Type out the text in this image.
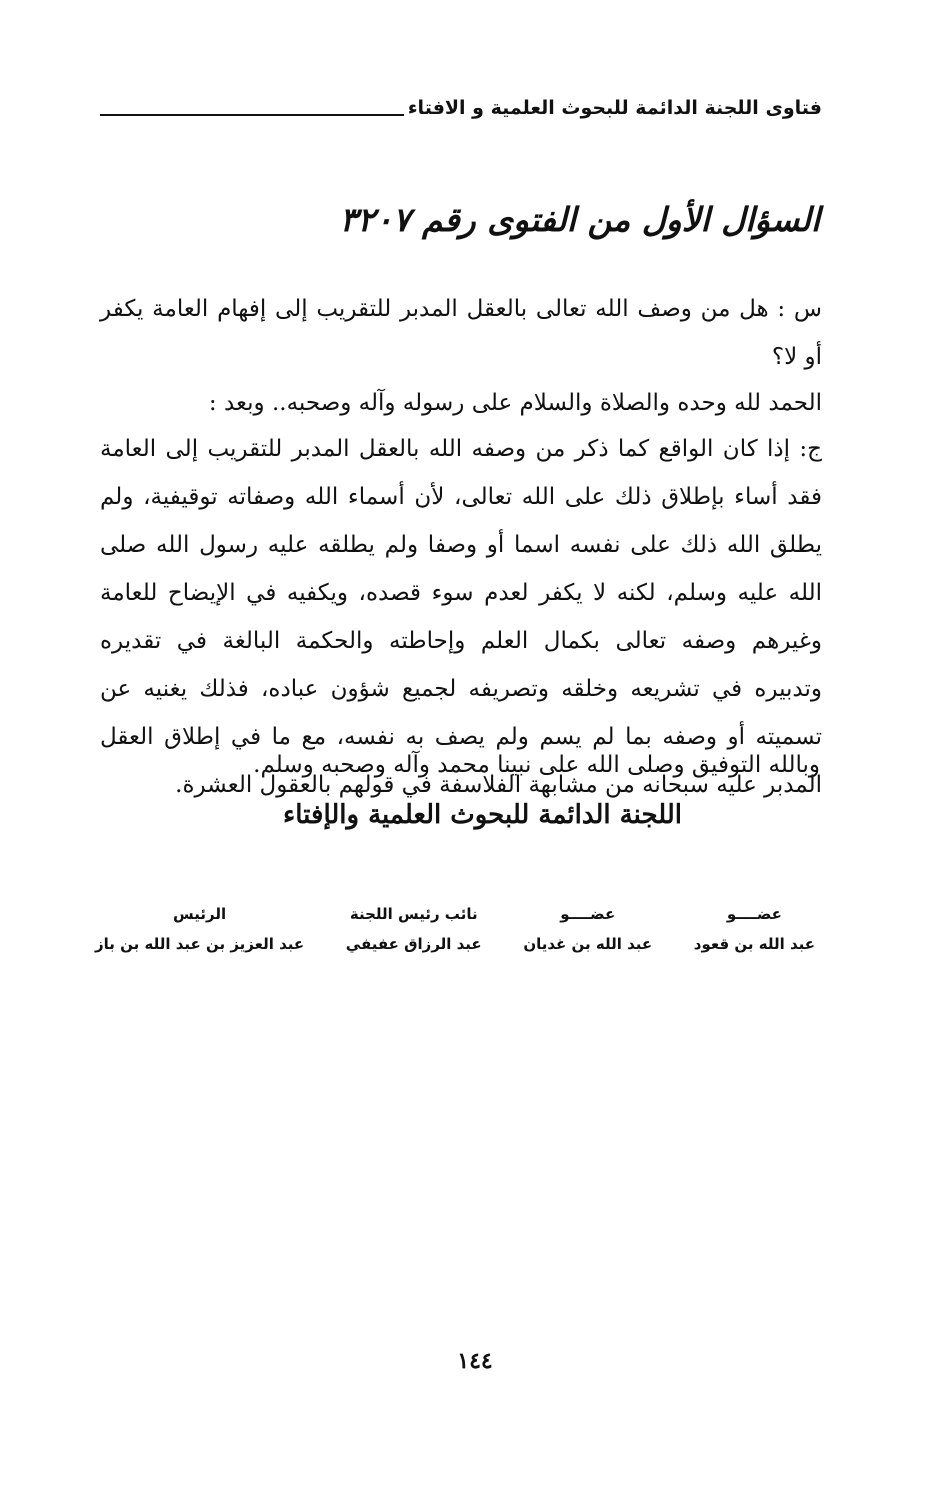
فتاوى اللجنة الدائمة للبحوث العلمية و الافتاء
السؤال الأول من الفتوى رقم ٣٢٠٧

س : هل من وصف الله تعالى بالعقل المدبر للتقريب إلى إفهام العامة يكفر أو لا؟

الحمد لله وحده والصلاة والسلام على رسوله وآله وصحبه.. وبعد :

ج: إذا كان الواقع كما ذكر من وصفه الله بالعقل المدبر للتقريب إلى العامة فقد أساء بإطلاق ذلك على الله تعالى، لأن أسماء الله وصفاته توقيفية، ولم يطلق الله ذلك على نفسه اسما أو وصفا ولم يطلقه عليه رسول الله صلى الله عليه وسلم، لكنه لا يكفر لعدم سوء قصده، ويكفيه في الإيضاح للعامة وغيرهم وصفه تعالى بكمال العلم وإحاطته والحكمة البالغة في تقديره وتدبيره في تشريعه وخلقه وتصريفه لجميع شؤون عباده، فذلك يغنيه عن تسميته أو وصفه بما لم يسم ولم يصف به نفسه، مع ما في إطلاق العقل المدبر عليه سبحانه من مشابهة الفلاسفة في قولهم بالعقول العشرة.

وبالله التوفيق وصلى الله على نبينا محمد وآله وصحبه وسلم.
اللجنة الدائمة للبحوث العلمية والإفتاء
عضــــو
عبد الله بن قعود
عضــــو
عبد الله بن غديان
نائب رئيس اللجنة
عبد الرزاق عفيفي
الرئيس
عبد العزيز بن عبد الله بن باز
١٤٤
